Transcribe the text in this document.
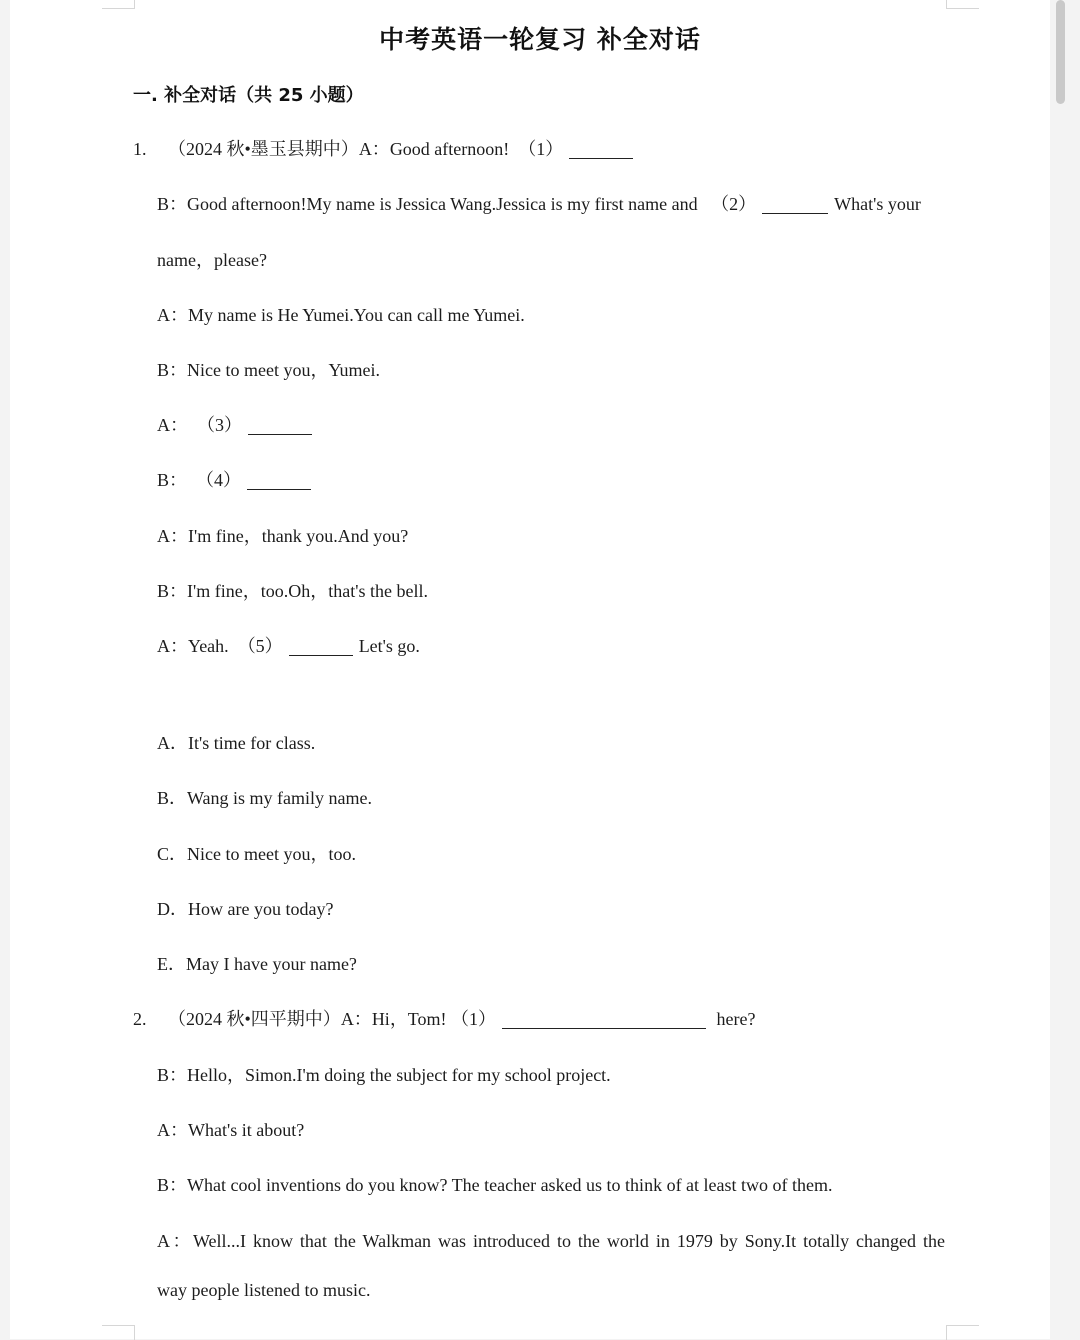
中考英语一轮复习 补全对话
一. 补全对话（共 25 小题）
1. （2024 秋•墨玉县期中）A：Good afternoon! （1）
B：Good afternoon!My name is Jessica Wang.Jessica is my first name and （2）	What's your
name，please?
A：My name is He Yumei.You can call me Yumei.
B：Nice to meet you，Yumei.
A： （3）
B： （4）
A：I'm fine，thank you.And you?
B：I'm fine，too.Oh，that's the bell.
A：Yeah. （5）	Let's go.
A．It's time for class.
B．Wang is my family name.
C．Nice to meet you，too.
D．How are you today?
E．May I have your name?
2. （2024 秋•四平期中）A：Hi，Tom! （1）	here?
B：Hello，Simon.I'm doing the subject for my school project.
A：What's it about?
B：What cool inventions do you know? The teacher asked us to think of at least two of them.
A：Well...I know that the Walkman was introduced to the world in 1979 by Sony.It totally changed the
way people listened to music.
